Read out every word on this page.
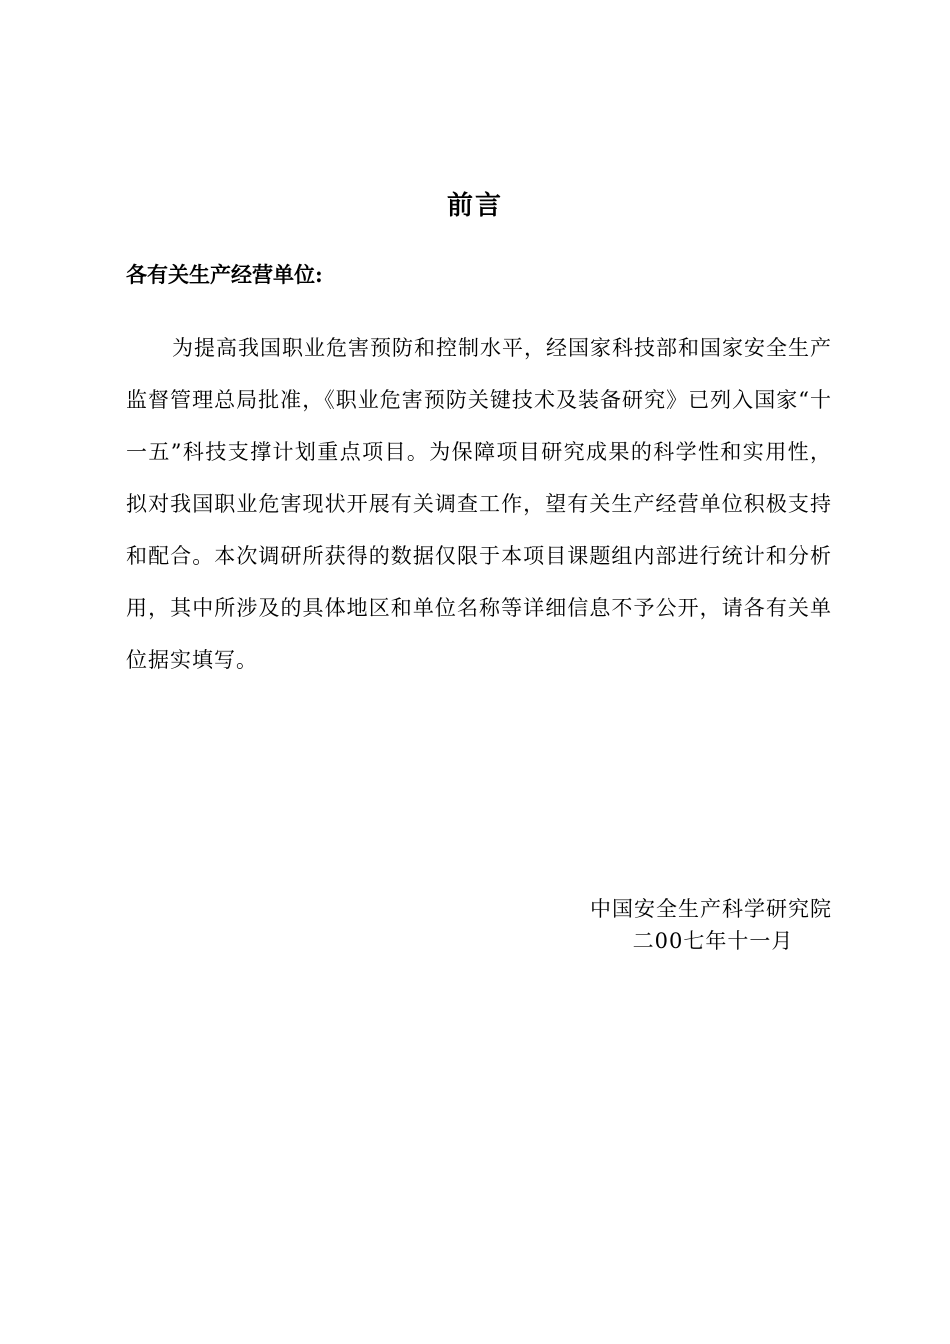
前言
各有关生产经营单位:

为提高我国职业危害预防和控制水平，经国家科技部和国家安全生产监督管理总局批准，《职业危害预防关键技术及装备研究》已列入国家“十一五”科技支撑计划重点项目。为保障项目研究成果的科学性和实用性，拟对我国职业危害现状开展有关调查工作，望有关生产经营单位积极支持和配合。本次调研所获得的数据仅限于本项目课题组内部进行统计和分析用，其中所涉及的具体地区和单位名称等详细信息不予公开，请各有关单位据实填写。

中国安全生产科学研究院
二00七年十一月
